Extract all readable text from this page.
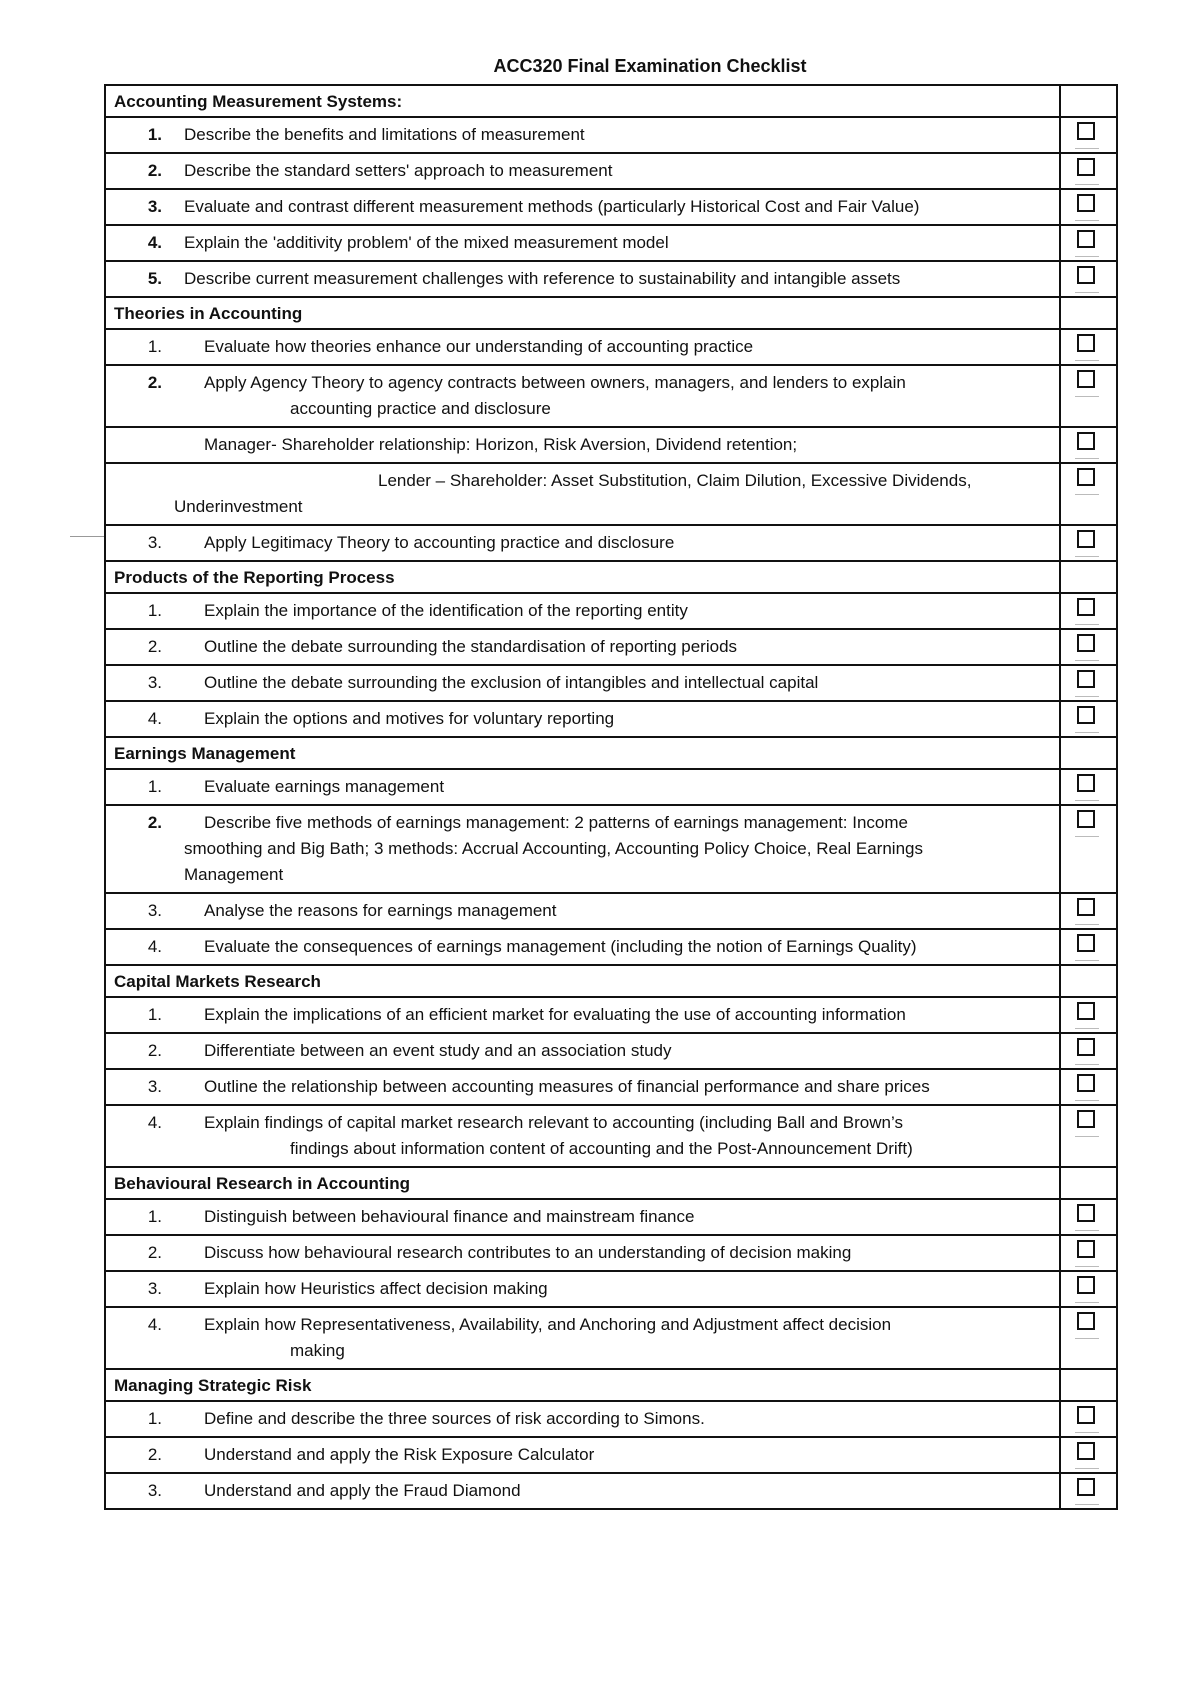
ACC320 Final Examination Checklist
Accounting Measurement Systems:
1.	Describe the benefits and limitations of measurement
2.	Describe the standard setters' approach to measurement
3.	Evaluate and contrast different measurement methods (particularly Historical Cost and Fair Value)
4.	Explain the 'additivity problem' of the mixed measurement model
5.	Describe current measurement challenges with reference to sustainability and intangible assets
Theories in Accounting
1.	Evaluate how theories enhance our understanding of accounting practice
2.	Apply Agency Theory to agency contracts between owners, managers, and lenders to explain
accounting practice and disclosure
Manager- Shareholder relationship: Horizon, Risk Aversion, Dividend retention;
Lender – Shareholder: Asset Substitution, Claim Dilution, Excessive Dividends,
Underinvestment
3.	Apply Legitimacy Theory to accounting practice and disclosure
Products of the Reporting Process
1.	Explain the importance of the identification of the reporting entity
2.	Outline the debate surrounding the standardisation of reporting periods
3.	Outline the debate surrounding the exclusion of intangibles and intellectual capital
4.	Explain the options and motives for voluntary reporting
Earnings Management
1.	Evaluate earnings management
2.	Describe five methods of earnings management: 2 patterns of earnings management: Income
smoothing and Big Bath; 3 methods: Accrual Accounting, Accounting Policy Choice, Real Earnings
Management
3.	Analyse the reasons for earnings management
4.	Evaluate the consequences of earnings management (including the notion of Earnings Quality)
Capital Markets Research
1.	Explain the implications of an efficient market for evaluating the use of accounting information
2.	Differentiate between an event study and an association study
3.	Outline the relationship between accounting measures of financial performance and share prices
4.	Explain findings of capital market research relevant to accounting (including Ball and Brown’s
findings about information content of accounting and the Post-Announcement Drift)
Behavioural Research in Accounting
1.	Distinguish between behavioural finance and mainstream finance
2.	Discuss how behavioural research contributes to an understanding of decision making
3.	Explain how Heuristics affect decision making
4.	Explain how Representativeness, Availability, and Anchoring and Adjustment affect decision
making
Managing Strategic Risk
1.	Define and describe the three sources of risk according to Simons.
2.	Understand and apply the Risk Exposure Calculator
3.	Understand and apply the Fraud Diamond
